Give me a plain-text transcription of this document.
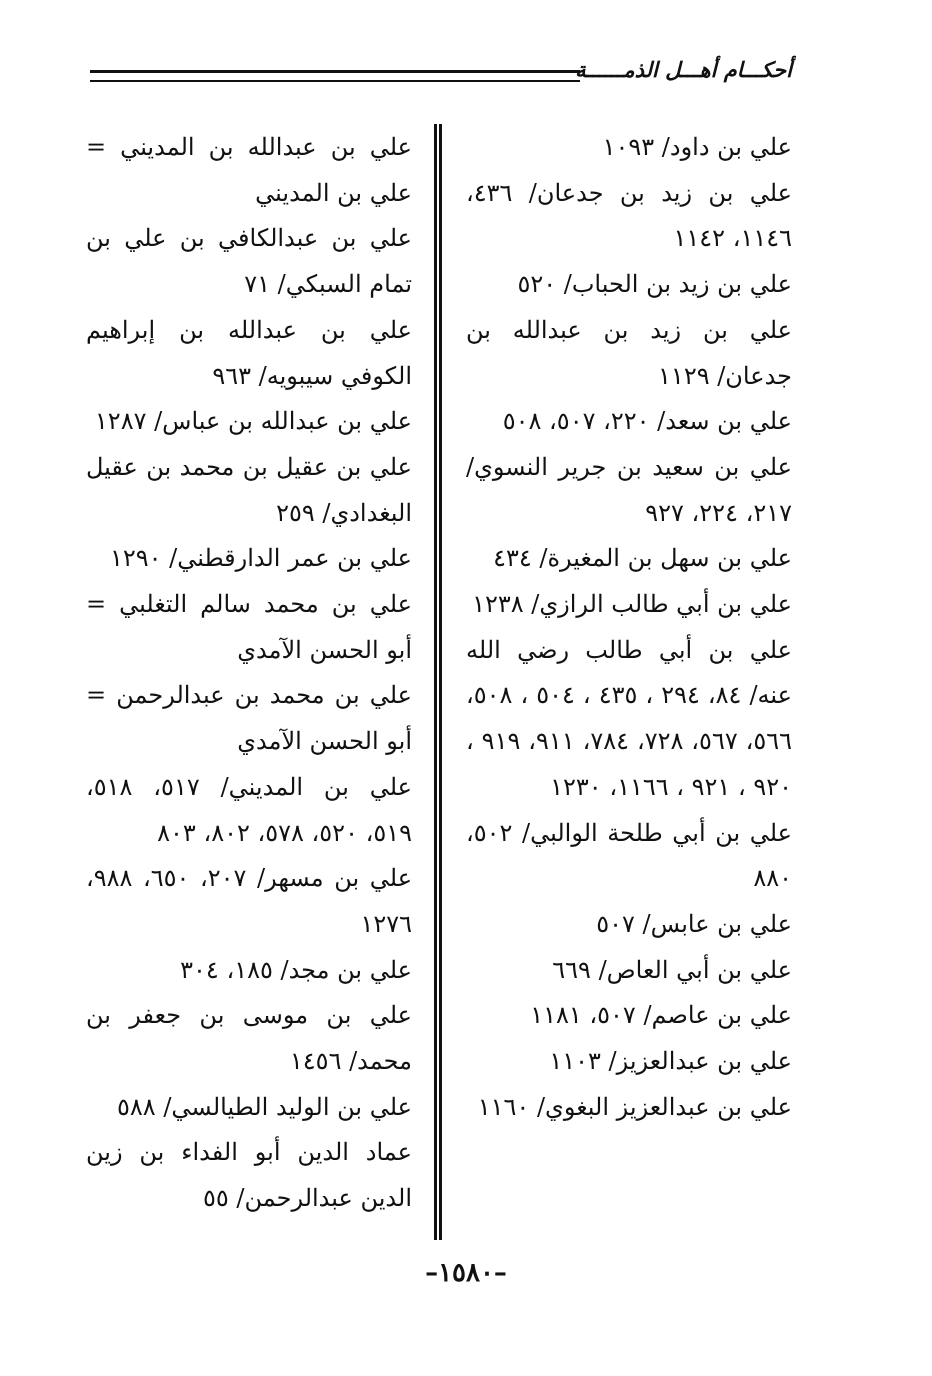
أحكـــام أهـــل الذمــــــة
علي بن داود/ ١٠٩٣
علي بن زيد بن جدعان/ ٤٣٦، ١١٤٦، ١١٤٢
علي بن زيد بن الحباب/ ٥٢٠
علي بن زيد بن عبدالله بن جدعان/ ١١٢٩
علي بن سعد/ ٢٢٠، ٥٠٧، ٥٠٨
علي بن سعيد بن جرير النسوي/ ٢١٧، ٢٢٤، ٩٢٧
علي بن سهل بن المغيرة/ ٤٣٤
علي بن أبي طالب الرازي/ ١٢٣٨
علي بن أبي طالب رضي الله عنه/ ٨٤، ٢٩٤ ، ٤٣٥ ، ٥٠٤ ، ٥٠٨، ٥٦٦، ٥٦٧، ٧٢٨، ٧٨٤، ٩١١، ٩١٩ ، ٩٢٠ ، ٩٢١ ، ١١٦٦، ١٢٣٠
علي بن أبي طلحة الوالبي/ ٥٠٢، ٨٨٠
علي بن عابس/ ٥٠٧
علي بن أبي العاص/ ٦٦٩
علي بن عاصم/ ٥٠٧، ١١٨١
علي بن عبدالعزيز/ ١١٠٣
علي بن عبدالعزيز البغوي/ ١١٦٠
علي بن عبدالله بن المديني = علي بن المديني
علي بن عبدالكافي بن علي بن تمام السبكي/ ٧١
علي بن عبدالله بن إبراهيم الكوفي سيبويه/ ٩٦٣
علي بن عبدالله بن عباس/ ١٢٨٧
علي بن عقيل بن محمد بن عقيل البغدادي/ ٢٥٩
علي بن عمر الدارقطني/ ١٢٩٠
علي بن محمد سالم التغلبي = أبو الحسن الآمدي
علي بن محمد بن عبدالرحمن = أبو الحسن الآمدي
علي بن المديني/ ٥١٧، ٥١٨، ٥١٩، ٥٢٠، ٥٧٨، ٨٠٢، ٨٠٣
علي بن مسهر/ ٢٠٧، ٦٥٠، ٩٨٨، ١٢٧٦
علي بن مجد/ ١٨٥، ٣٠٤
علي بن موسى بن جعفر بن محمد/ ١٤٥٦
علي بن الوليد الطيالسي/ ٥٨٨
عماد الدين أبو الفداء بن زين الدين عبدالرحمن/ ٥٥
–١٥٨٠–
